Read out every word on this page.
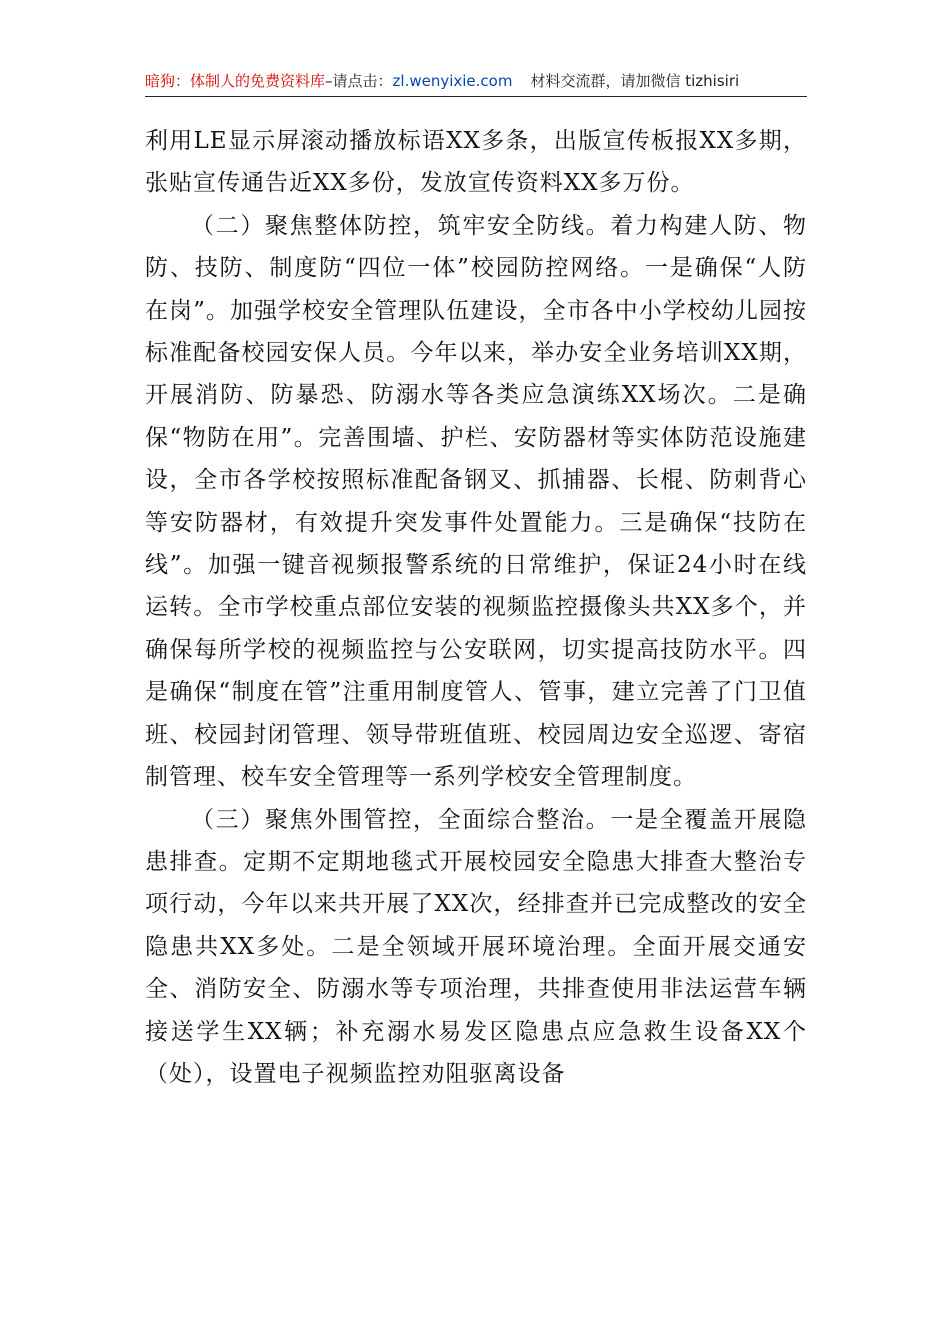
暗狗：体制人的免费资料库–请点击：zl.wenyixie.com 材料交流群，请加微信 tizhisiri

利用LE显示屏滚动播放标语XX多条，出版宣传板报XX多期，张贴宣传通告近XX多份，发放宣传资料XX多万份。

（二）聚焦整体防控，筑牢安全防线。着力构建人防、物防、技防、制度防“四位一体”校园防控网络。一是确保“人防在岗”。加强学校安全管理队伍建设，全市各中小学校幼儿园按标准配备校园安保人员。今年以来，举办安全业务培训XX期，开展消防、防暴恐、防溺水等各类应急演练XX场次。二是确保“物防在用”。完善围墙、护栏、安防器材等实体防范设施建设，全市各学校按照标准配备钢叉、抓捕器、长棍、防刺背心等安防器材，有效提升突发事件处置能力。三是确保“技防在线”。加强一键音视频报警系统的日常维护，保证24小时在线运转。全市学校重点部位安装的视频监控摄像头共XX多个，并确保每所学校的视频监控与公安联网，切实提高技防水平。四是确保“制度在管”注重用制度管人、管事，建立完善了门卫值班、校园封闭管理、领导带班值班、校园周边安全巡逻、寄宿制管理、校车安全管理等一系列学校安全管理制度。

（三）聚焦外围管控，全面综合整治。一是全覆盖开展隐患排查。定期不定期地毯式开展校园安全隐患大排查大整治专项行动，今年以来共开展了XX次，经排查并已完成整改的安全隐患共XX多处。二是全领域开展环境治理。全面开展交通安全、消防安全、防溺水等专项治理，共排查使用非法运营车辆接送学生XX辆；补充溺水易发区隐患点应急救生设备XX个（处），设置电子视频监控劝阻驱离设备
